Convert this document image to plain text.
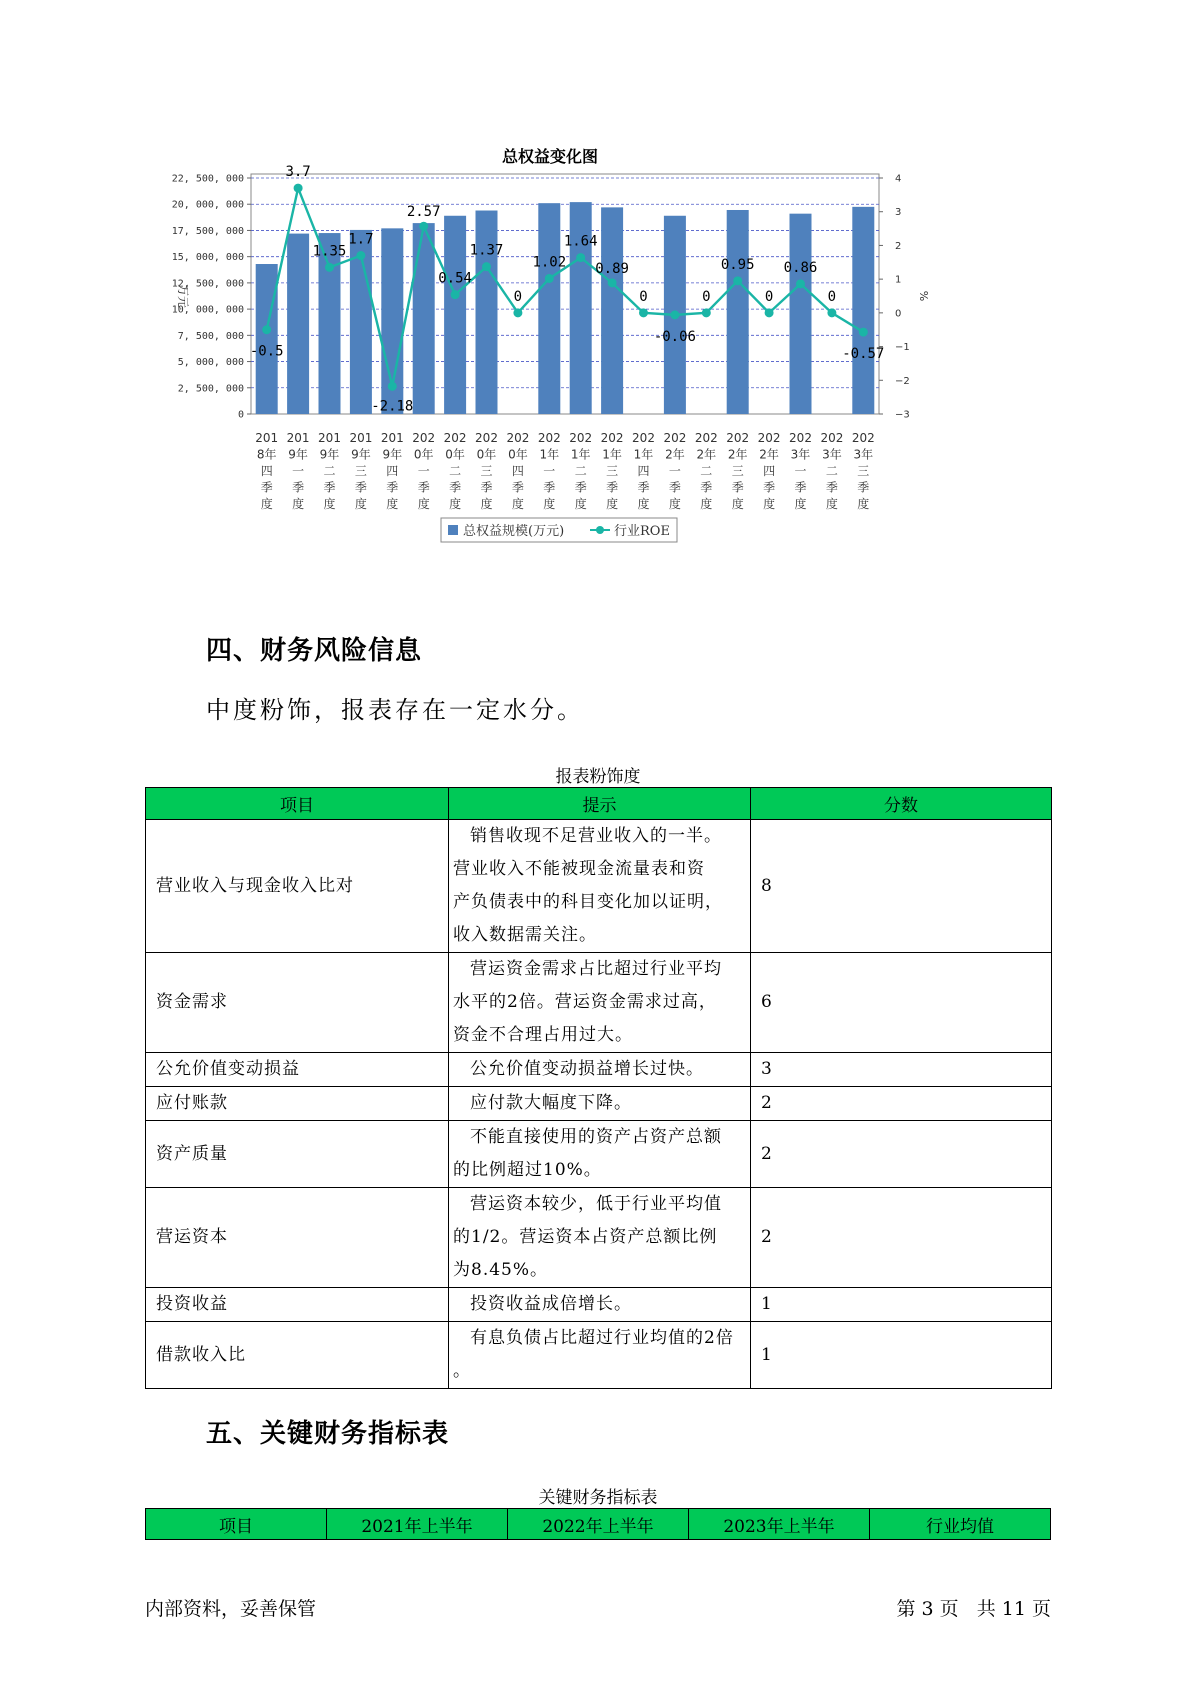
22, 500, 000
20, 000, 000
17, 500, 000
15, 000, 000
12, 500, 000
10, 000, 000
7, 500, 000
5, 000, 000
2, 500, 000
0
4
3
2
1
0
−1
−2
−3
万元	%
-0.5
3.7
1.35
1.7
-2.18
2.57
0.54
1.37
0
1.02
1.64
0.89
0
-0.06
0
0.95
0
0.86
0
-0.57
201
8年
四
季
度
201
9年
一
季
度
201
9年
二
季
度
201
9年
三
季
度
201
9年
四
季
度
202
0年
一
季
度
202
0年
二
季
度
202
0年
三
季
度
202
0年
四
季
度
202
1年
一
季
度
202
1年
二
季
度
202
1年
三
季
度
202
1年
四
季
度
202
2年
一
季
度
202
2年
二
季
度
202
2年
三
季
度
202
2年
四
季
度
202
3年
一
季
度
202
3年
二
季
度
202
3年
三
季
度
总权益规模(万元)	行业ROE
总权益变化图
四、财务风险信息
中度粉饰，报表存在一定水分。
报表粉饰度
项目	提示	分数
营业收入与现金收入比对	销售收现不足营业收入的一半。
营业收入不能被现金流量表和资
产负债表中的科目变化加以证明，
收入数据需关注。	8
资金需求	营运资金需求占比超过行业平均
水平的2倍。营运资金需求过高，
资金不合理占用过大。	6
公允价值变动损益	公允价值变动损益增长过快。	3
应付账款	应付款大幅度下降。	2
资产质量	不能直接使用的资产占资产总额
的比例超过10%。	2
营运资本	营运资本较少，低于行业平均值
的1/2。营运资本占资产总额比例
为8.45%。	2
投资收益	投资收益成倍增长。	1
借款收入比	有息负债占比超过行业均值的2倍
。	1
五、关键财务指标表
关键财务指标表
项目	2021年上半年	2022年上半年	2023年上半年	行业均值
内部资料，妥善保管	第 3 页   共 11 页
